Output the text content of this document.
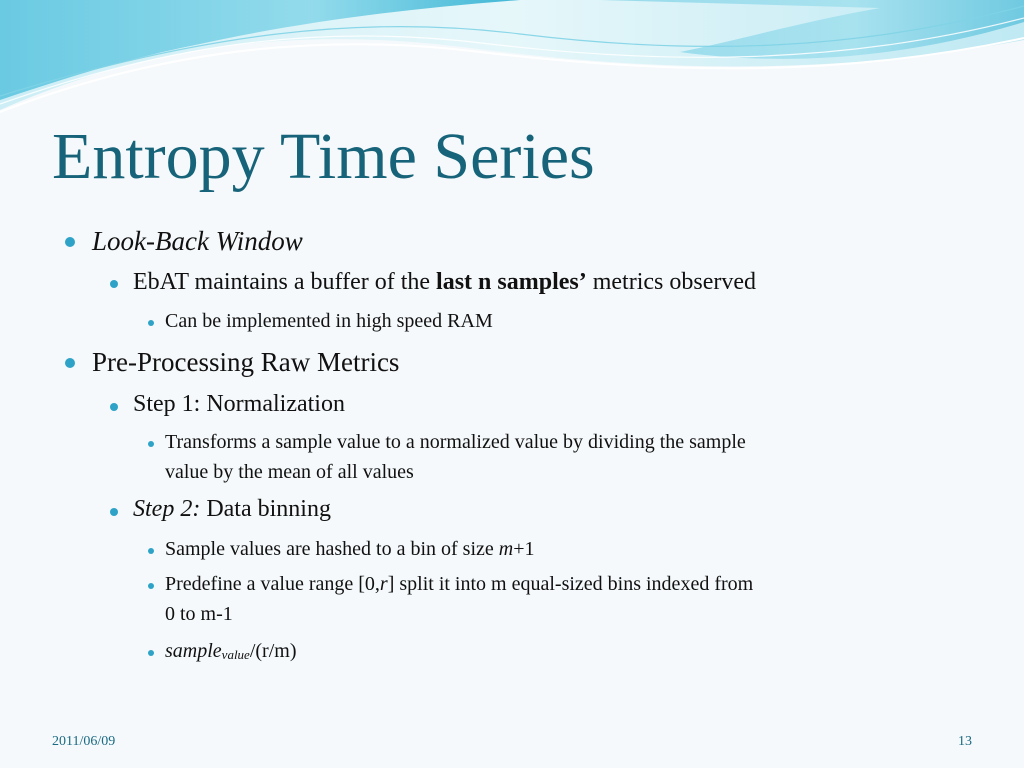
Entropy Time Series
Look-Back Window
EbAT maintains a buffer of the last n samples’ metrics observed
Can be implemented in high speed RAM
Pre-Processing Raw Metrics
Step 1: Normalization
Transforms a sample value to a normalized value by dividing the sample
value by the mean of all values
Step 2: Data binning
Sample values are hashed to a bin of size m+1
Predefine a value range [0,r] split it into m equal-sized bins indexed from
0 to m-1
samplevalue/(r/m)
2011/06/09	13
